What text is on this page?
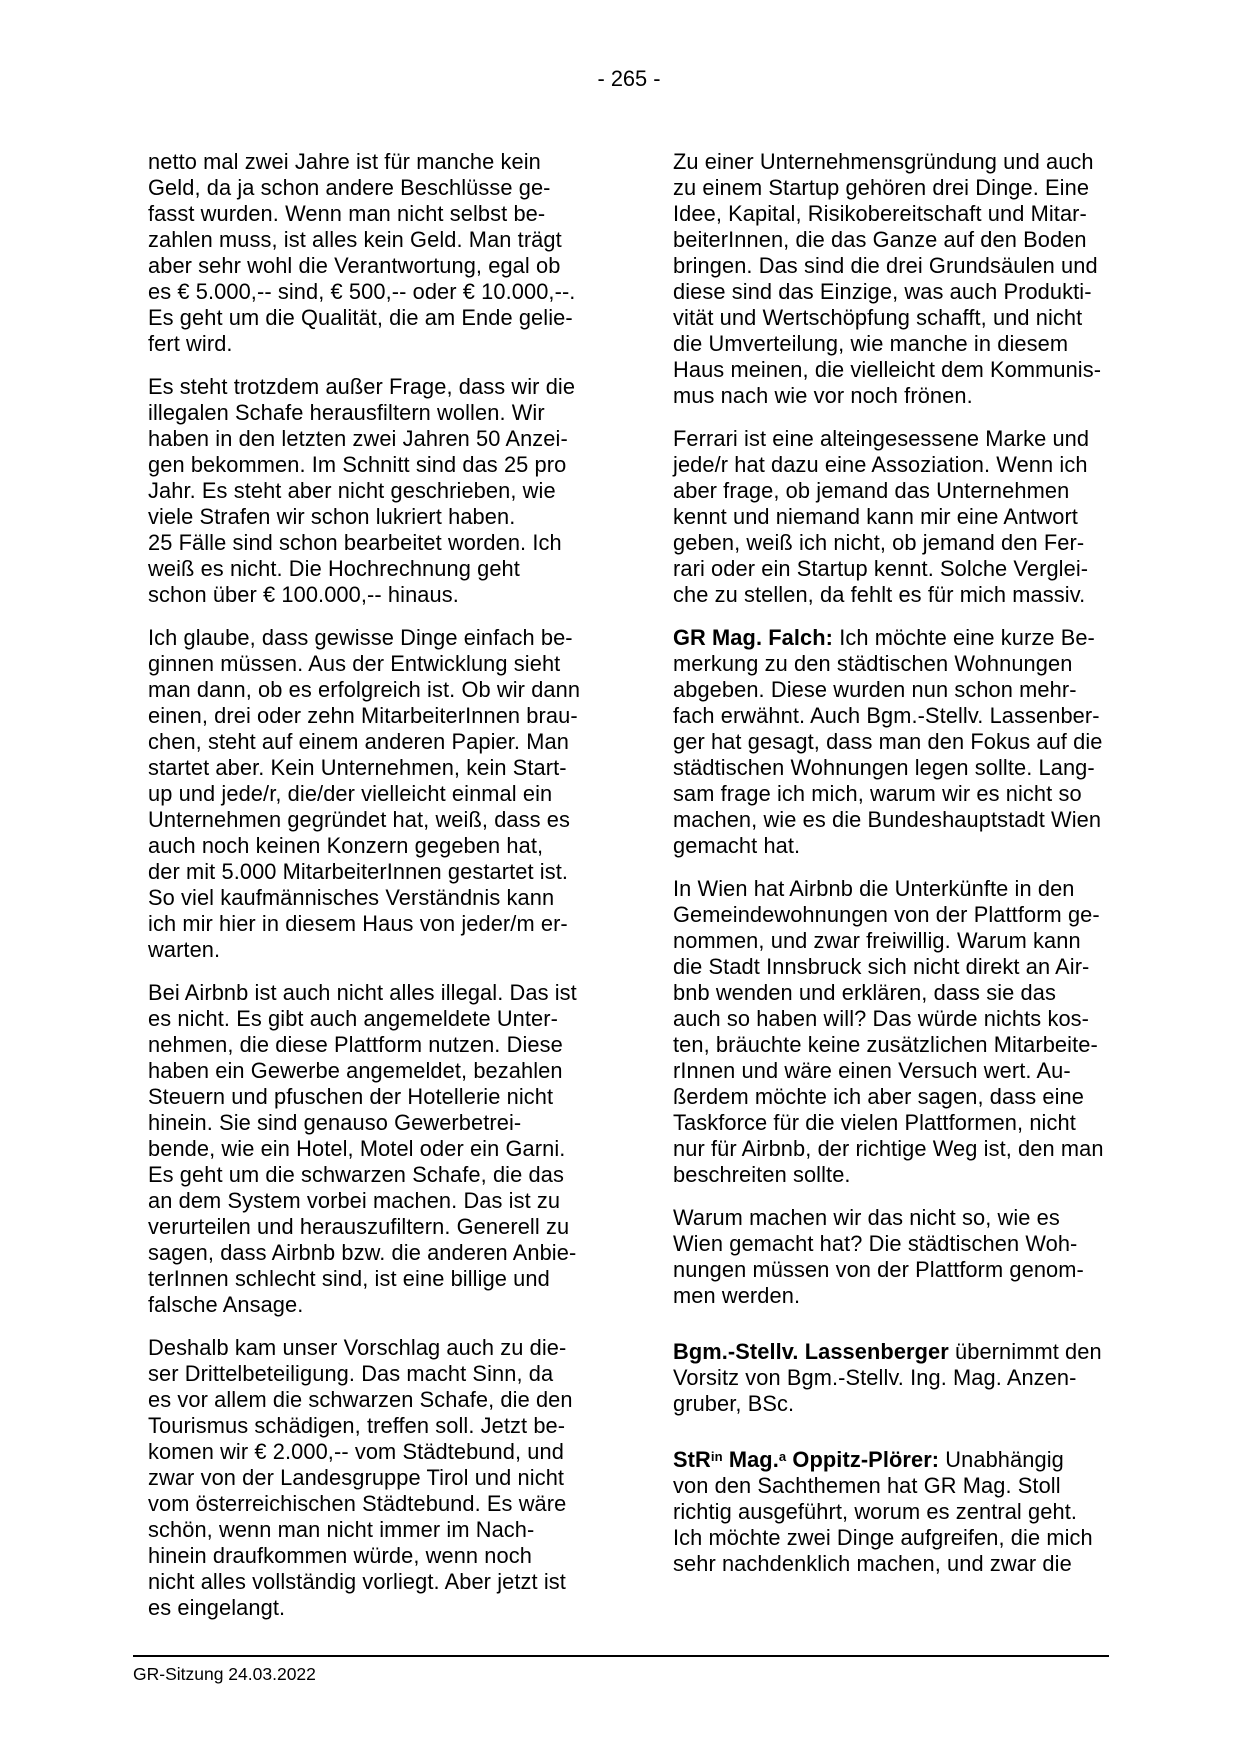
- 265 -
netto mal zwei Jahre ist für manche kein
Geld, da ja schon andere Beschlüsse ge-
fasst wurden. Wenn man nicht selbst be-
zahlen muss, ist alles kein Geld. Man trägt
aber sehr wohl die Verantwortung, egal ob
es € 5.000,-- sind, € 500,-- oder € 10.000,--.
Es geht um die Qualität, die am Ende gelie-
fert wird.
Es steht trotzdem außer Frage, dass wir die
illegalen Schafe herausfiltern wollen. Wir
haben in den letzten zwei Jahren 50 Anzei-
gen bekommen. Im Schnitt sind das 25 pro
Jahr. Es steht aber nicht geschrieben, wie
viele Strafen wir schon lukriert haben.
25 Fälle sind schon bearbeitet worden. Ich
weiß es nicht. Die Hochrechnung geht
schon über € 100.000,-- hinaus.
Ich glaube, dass gewisse Dinge einfach be-
ginnen müssen. Aus der Entwicklung sieht
man dann, ob es erfolgreich ist. Ob wir dann
einen, drei oder zehn MitarbeiterInnen brau-
chen, steht auf einem anderen Papier. Man
startet aber. Kein Unternehmen, kein Start-
up und jede/r, die/der vielleicht einmal ein
Unternehmen gegründet hat, weiß, dass es
auch noch keinen Konzern gegeben hat,
der mit 5.000 MitarbeiterInnen gestartet ist.
So viel kaufmännisches Verständnis kann
ich mir hier in diesem Haus von jeder/m er-
warten.
Bei Airbnb ist auch nicht alles illegal. Das ist
es nicht. Es gibt auch angemeldete Unter-
nehmen, die diese Plattform nutzen. Diese
haben ein Gewerbe angemeldet, bezahlen
Steuern und pfuschen der Hotellerie nicht
hinein. Sie sind genauso Gewerbetrei-
bende, wie ein Hotel, Motel oder ein Garni.
Es geht um die schwarzen Schafe, die das
an dem System vorbei machen. Das ist zu
verurteilen und herauszufiltern. Generell zu
sagen, dass Airbnb bzw. die anderen Anbie-
terInnen schlecht sind, ist eine billige und
falsche Ansage.
Deshalb kam unser Vorschlag auch zu die-
ser Drittelbeteiligung. Das macht Sinn, da
es vor allem die schwarzen Schafe, die den
Tourismus schädigen, treffen soll. Jetzt be-
komen wir € 2.000,-- vom Städtebund, und
zwar von der Landesgruppe Tirol und nicht
vom österreichischen Städtebund. Es wäre
schön, wenn man nicht immer im Nach-
hinein draufkommen würde, wenn noch
nicht alles vollständig vorliegt. Aber jetzt ist
es eingelangt.
Zu einer Unternehmensgründung und auch
zu einem Startup gehören drei Dinge. Eine
Idee, Kapital, Risikobereitschaft und Mitar-
beiterInnen, die das Ganze auf den Boden
bringen. Das sind die drei Grundsäulen und
diese sind das Einzige, was auch Produkti-
vität und Wertschöpfung schafft, und nicht
die Umverteilung, wie manche in diesem
Haus meinen, die vielleicht dem Kommunis-
mus nach wie vor noch frönen.
Ferrari ist eine alteingesessene Marke und
jede/r hat dazu eine Assoziation. Wenn ich
aber frage, ob jemand das Unternehmen
kennt und niemand kann mir eine Antwort
geben, weiß ich nicht, ob jemand den Fer-
rari oder ein Startup kennt. Solche Verglei-
che zu stellen, da fehlt es für mich massiv.
GR Mag. Falch: Ich möchte eine kurze Be-
merkung zu den städtischen Wohnungen
abgeben. Diese wurden nun schon mehr-
fach erwähnt. Auch Bgm.-Stellv. Lassenber-
ger hat gesagt, dass man den Fokus auf die
städtischen Wohnungen legen sollte. Lang-
sam frage ich mich, warum wir es nicht so
machen, wie es die Bundeshauptstadt Wien
gemacht hat.
In Wien hat Airbnb die Unterkünfte in den
Gemeindewohnungen von der Plattform ge-
nommen, und zwar freiwillig. Warum kann
die Stadt Innsbruck sich nicht direkt an Air-
bnb wenden und erklären, dass sie das
auch so haben will? Das würde nichts kos-
ten, bräuchte keine zusätzlichen Mitarbeite-
rInnen und wäre einen Versuch wert. Au-
ßerdem möchte ich aber sagen, dass eine
Taskforce für die vielen Plattformen, nicht
nur für Airbnb, der richtige Weg ist, den man
beschreiten sollte.
Warum machen wir das nicht so, wie es
Wien gemacht hat? Die städtischen Woh-
nungen müssen von der Plattform genom-
men werden.
Bgm.-Stellv. Lassenberger übernimmt den
Vorsitz von Bgm.-Stellv. Ing. Mag. Anzen-
gruber, BSc.
StR$^{in}$ Mag.$^a$ Oppitz-Plörer: Unabhängig
von den Sachthemen hat GR Mag. Stoll
richtig ausgeführt, worum es zentral geht.
Ich möchte zwei Dinge aufgreifen, die mich
sehr nachdenklich machen, und zwar die
GR-Sitzung 24.03.2022
